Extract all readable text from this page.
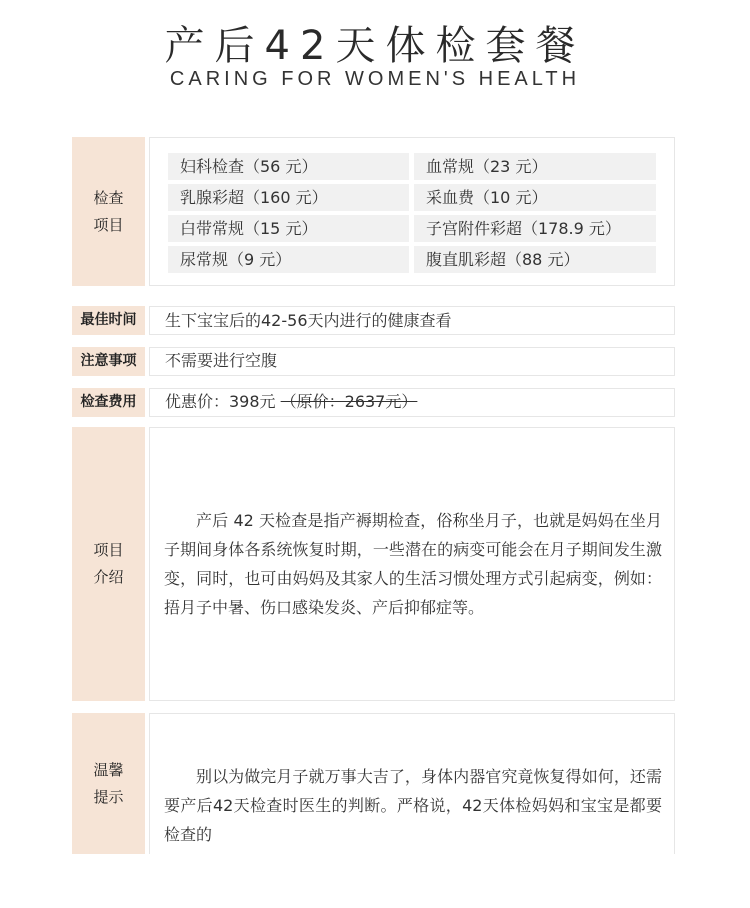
产后42天体检套餐
CARING FOR WOMEN'S HEALTH
检查
项目
妇科检查（56 元）	血常规（23 元）
乳腺彩超（160 元）	采血费（10 元）
白带常规（15 元）	子宫附件彩超（178.9 元）
尿常规（9 元）	腹直肌彩超（88 元）
最佳时间	生下宝宝后的42-56天内进行的健康查看
注意事项	不需要进行空腹
检查费用	优惠价：398元 （原价：2637元）
项目
介绍

产后 42 天检查是指产褥期检查，俗称坐月子，也就是妈妈在坐月子期间身体各系统恢复时期，一些潜在的病变可能会在月子期间发生激变，同时，也可由妈妈及其家人的生活习惯处理方式引起病变，例如：捂月子中暑、伤口感染发炎、产后抑郁症等。

温馨
提示

别以为做完月子就万事大吉了，身体内器官究竟恢复得如何，还需要产后42天检查时医生的判断。严格说，42天体检妈妈和宝宝是都要检查的
